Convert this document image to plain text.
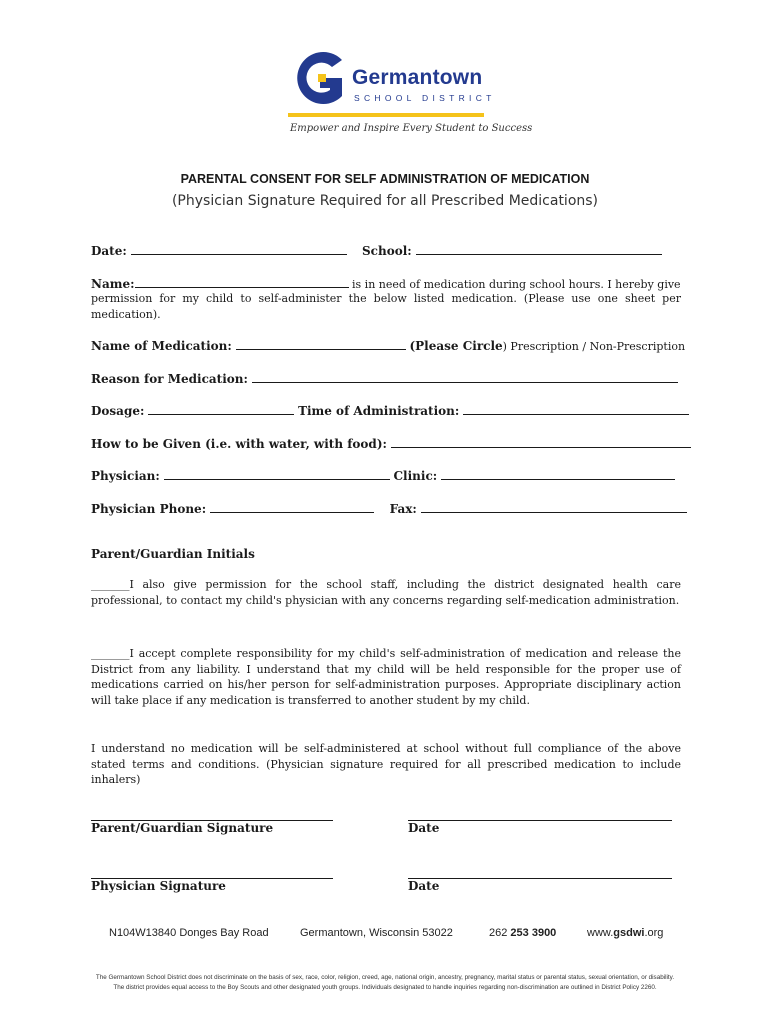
Germantown
SCHOOL DISTRICT
Empower and Inspire Every Student to Success
PARENTAL CONSENT FOR SELF ADMINISTRATION OF MEDICATION
(Physician Signature Required for all Prescribed Medications)
Date:	School:
Name:	is in need of medication during school hours. I hereby give
permission for my child to self-administer the below listed medication. (Please use one sheet per medication).
Name of Medication:	(Please Circle) Prescription / Non-Prescription
Reason for Medication:
Dosage:	Time of Administration:
How to be Given (i.e. with water, with food):
Physician:	Clinic:
Physician Phone:	Fax:
Parent/Guardian Initials
_______I also give permission for the school staff, including the district designated health care professional, to contact my child's physician with any concerns regarding self-medication administration.
_______I accept complete responsibility for my child's self-administration of medication and release the District from any liability. I understand that my child will be held responsible for the proper use of medications carried on his/her person for self-administration purposes. Appropriate disciplinary action will take place if any medication is transferred to another student by my child.
I understand no medication will be self-administered at school without full compliance of the above stated terms and conditions. (Physician signature required for all prescribed medication to include inhalers)
Parent/Guardian Signature	Date
Physician Signature	Date
N104W13840 Donges Bay Road	Germantown, Wisconsin 53022	262 253 3900	www.gsdwi.org
The Germantown School District does not discriminate on the basis of sex, race, color, religion, creed, age, national origin, ancestry, pregnancy, marital status or parental status, sexual orientation, or disability.
The district provides equal access to the Boy Scouts and other designated youth groups. Individuals designated to handle inquiries regarding non-discrimination are outlined in District Policy 2260.
